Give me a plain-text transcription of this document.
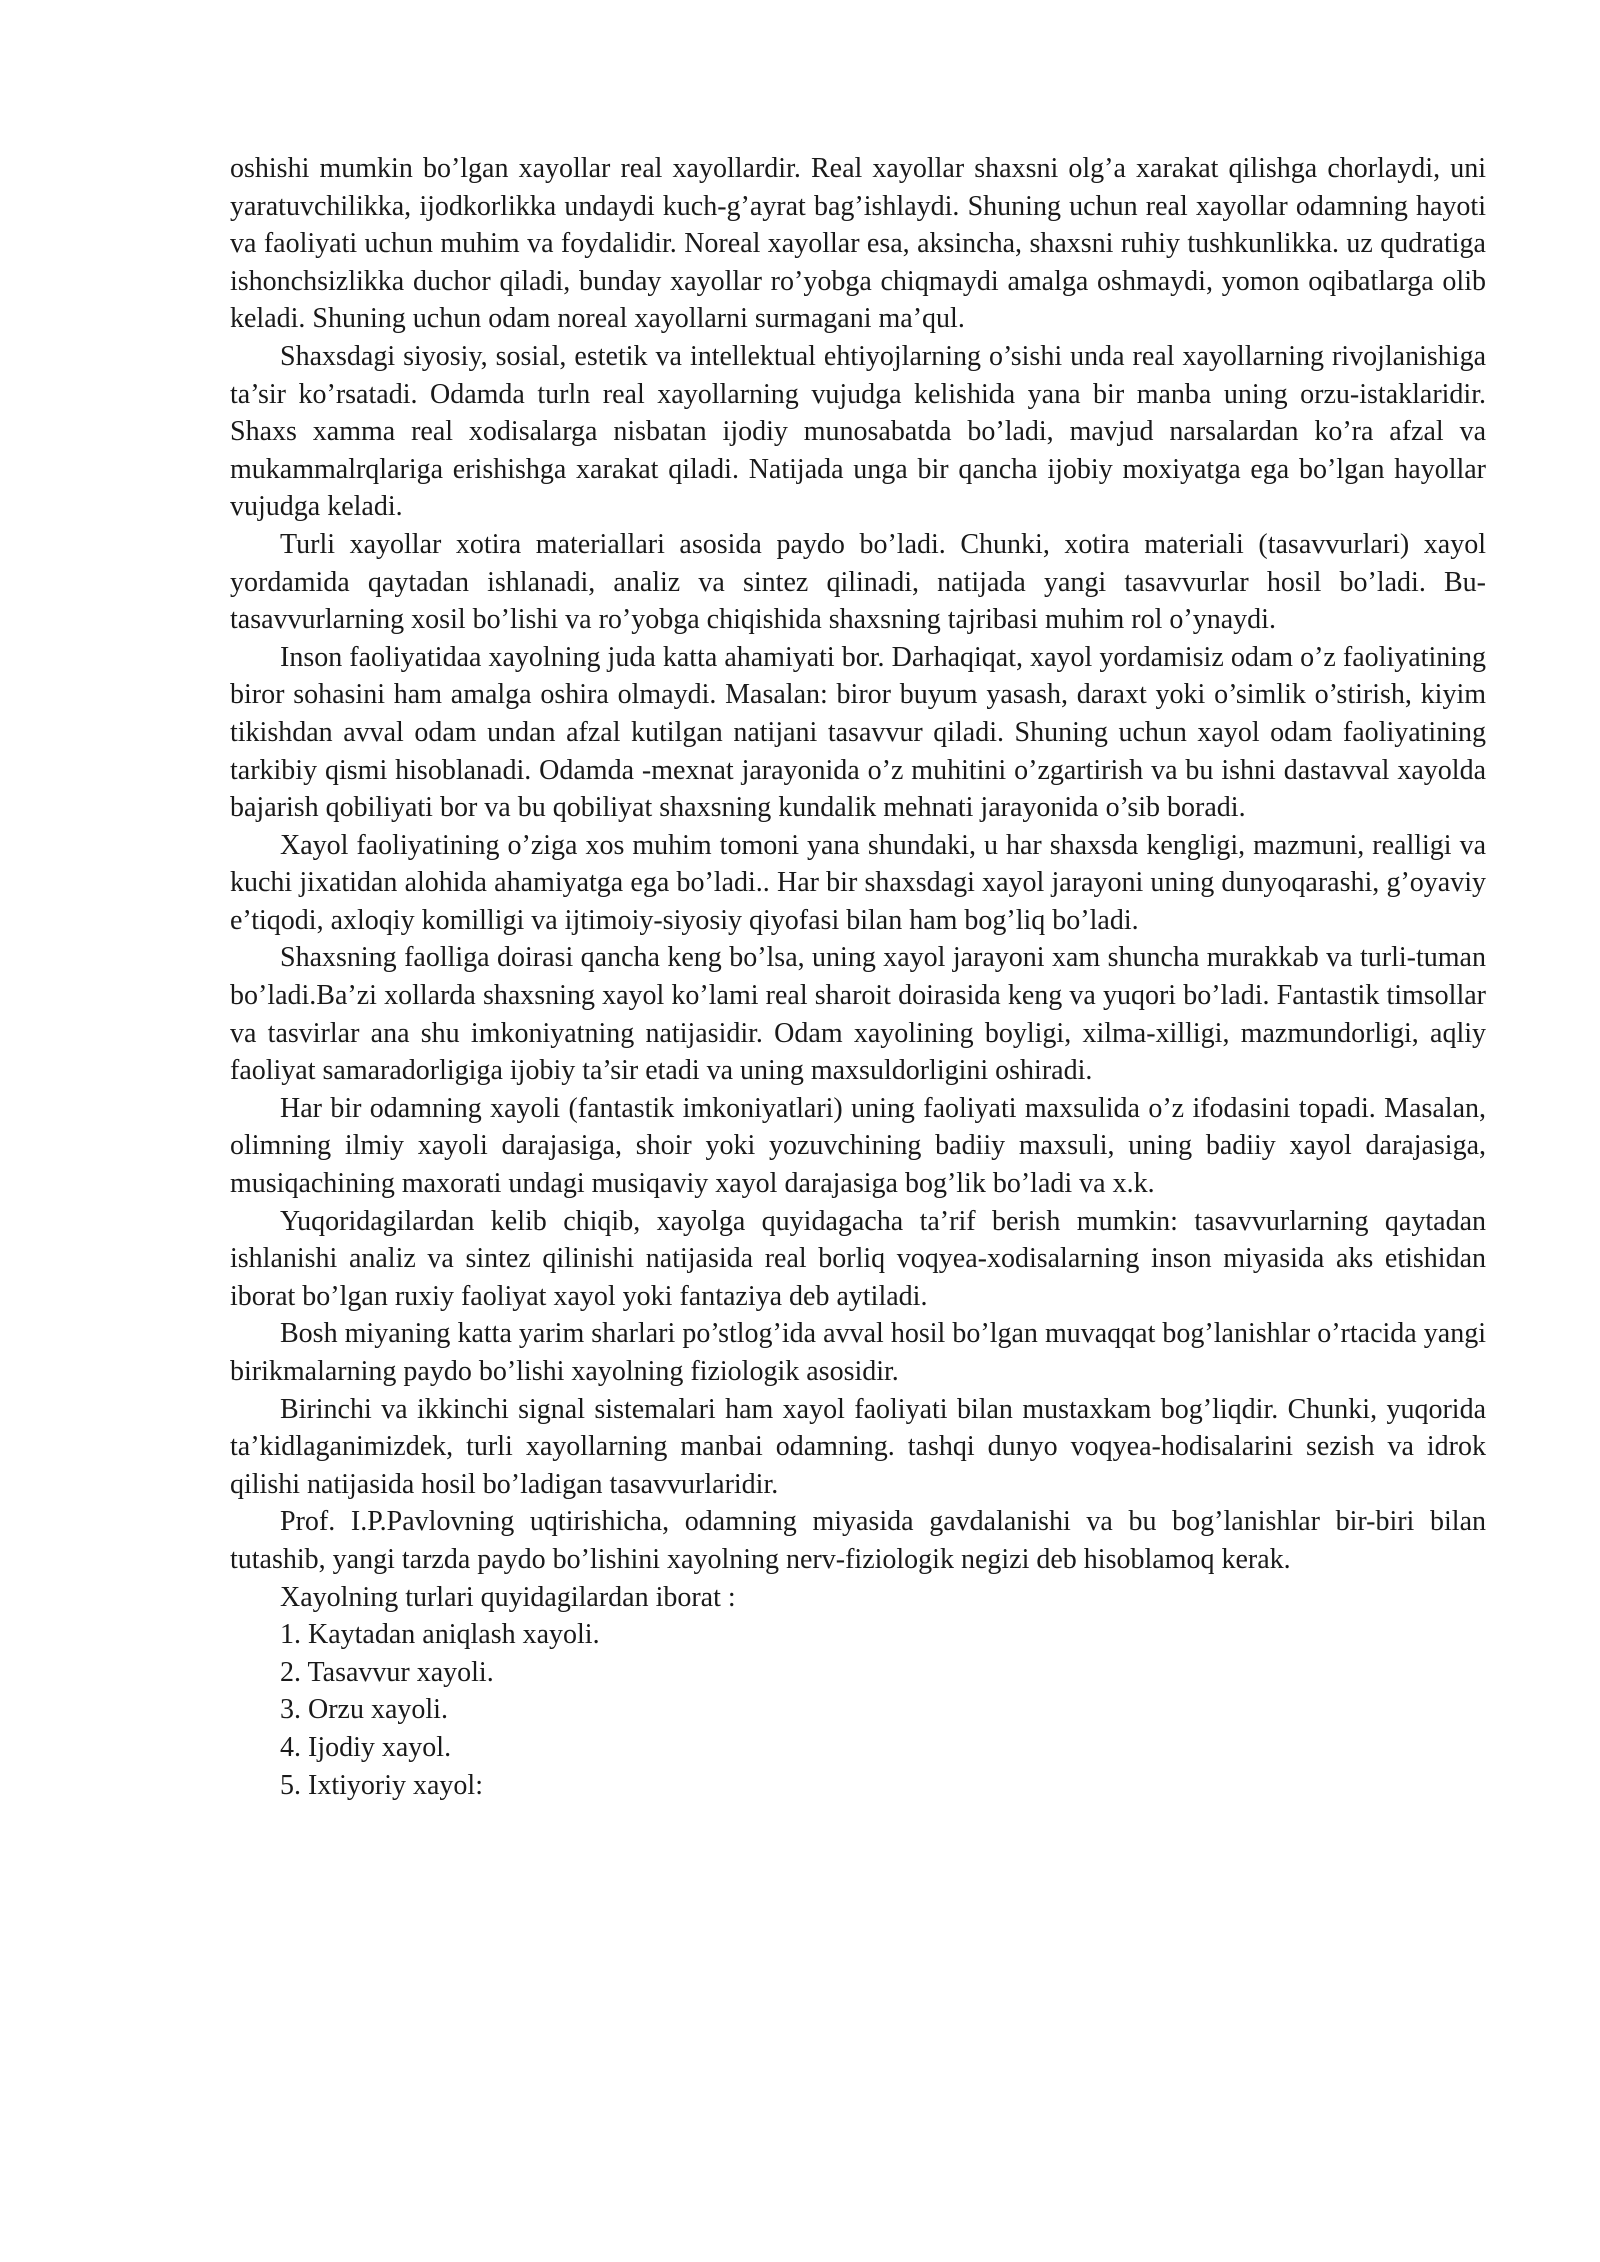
oshishi mumkin bo’lgan xayollar real xayollardir. Real xayollar shaxsni olg’a xarakat qilishga chorlaydi, uni yaratuvchilikka, ijodkorlikka undaydi kuch-g’ayrat bag’ishlaydi. Shuning uchun real xayollar odamning hayoti va faoliyati uchun muhim va foydalidir. Noreal xayollar esa, aksincha, shaxsni ruhiy tushkunlikka. uz qudratiga ishonchsizlikka duchor qiladi, bunday xayollar ro’yobga chiqmaydi amalga oshmaydi, yomon oqibatlarga olib keladi. Shuning uchun odam noreal xayollarni surmagani ma’qul.

Shaxsdagi siyosiy, sosial, estetik va intellektual ehtiyojlarning o’sishi unda real xayollarning rivojlanishiga ta’sir ko’rsatadi. Odamda turln real xayollarning vujudga kelishida yana bir manba uning orzu-istaklaridir. Shaxs xamma real xodisalarga nisbatan ijodiy munosabatda bo’ladi, mavjud narsalardan ko’ra afzal va mukammalrqlariga erishishga xarakat qiladi. Natijada unga bir qancha ijobiy moxiyatga ega bo’lgan hayollar vujudga keladi.

Turli xayollar xotira materiallari asosida paydo bo’ladi. Chunki, xotira materiali (tasavvurlari) xayol yordamida qaytadan ishlanadi, analiz va sintez qilinadi, natijada yangi tasavvurlar hosil bo’ladi. Bu-tasavvurlarning xosil bo’lishi va ro’yobga chiqishida shaxsning tajribasi muhim rol o’ynaydi.

Inson faoliyatidaa xayolning juda katta ahamiyati bor. Darhaqiqat, xayol yordamisiz odam o’z faoliyatining biror sohasini ham amalga oshira olmaydi. Masalan: biror buyum yasash, daraxt yoki o’simlik o’stirish, kiyim tikishdan avval odam undan afzal kutilgan natijani tasavvur qiladi. Shuning uchun xayol odam faoliyatining tarkibiy qismi hisoblanadi. Odamda -mexnat jarayonida o’z muhitini o’zgartirish va bu ishni dastavval xayolda bajarish qobiliyati bor va bu qobiliyat shaxsning kundalik mehnati jarayonida o’sib boradi.

Xayol faoliyatining o’ziga xos muhim tomoni yana shundaki, u har shaxsda kengligi, mazmuni, realligi va kuchi jixatidan alohida ahamiyatga ega bo’ladi.. Har bir shaxsdagi xayol jarayoni uning dunyoqarashi, g’oyaviy e’tiqodi, axloqiy komilligi va ijtimoiy-siyosiy qiyofasi bilan ham bog’liq bo’ladi.

Shaxsning faolliga doirasi qancha keng bo’lsa, uning xayol jarayoni xam shuncha murakkab va turli-tuman bo’ladi.Ba’zi xollarda shaxsning xayol ko’lami real sharoit doirasida keng va yuqori bo’ladi. Fantastik timsollar va tasvirlar ana shu imkoniyatning natijasidir. Odam xayolining boyligi, xilma-xilligi, mazmundorligi, aqliy faoliyat samaradorligiga ijobiy ta’sir etadi va uning maxsuldorligini oshiradi.

Har bir odamning xayoli (fantastik imkoniyatlari) uning faoliyati maxsulida o’z ifodasini topadi. Masalan, olimning ilmiy xayoli darajasiga, shoir yoki yozuvchining badiiy maxsuli, uning badiiy xayol darajasiga, musiqachining maxorati undagi musiqaviy xayol darajasiga bog’lik bo’ladi va x.k.

Yuqoridagilardan kelib chiqib, xayolga quyidagacha ta’rif berish mumkin: tasavvurlarning qaytadan ishlanishi analiz va sintez qilinishi natijasida real borliq voqyea-xodisalarning inson miyasida aks etishidan iborat bo’lgan ruxiy faoliyat xayol yoki fantaziya deb aytiladi.

Bosh miyaning katta yarim sharlari po’stlog’ida avval hosil bo’lgan muvaqqat bog’lanishlar o’rtacida yangi birikmalarning paydo bo’lishi xayolning fiziologik asosidir.

Birinchi va ikkinchi signal sistemalari ham xayol faoliyati bilan mustaxkam bog’liqdir. Chunki, yuqorida ta’kidlaganimizdek, turli xayollarning manbai odamning. tashqi dunyo voqyea-hodisalarini sezish va idrok qilishi natijasida hosil bo’ladigan tasavvurlaridir.

Prof. I.P.Pavlovning uqtirishicha, odamning miyasida gavdalanishi va bu bog’lanishlar bir-biri bilan tutashib, yangi tarzda paydo bo’lishini xayolning nerv-fiziologik negizi deb hisoblamoq kerak.

Xayolning turlari quyidagilardan iborat :

1. Kaytadan aniqlash xayoli.
2. Tasavvur xayoli.
3. Orzu xayoli.
4. Ijodiy xayol.
5. Ixtiyoriy xayol:
